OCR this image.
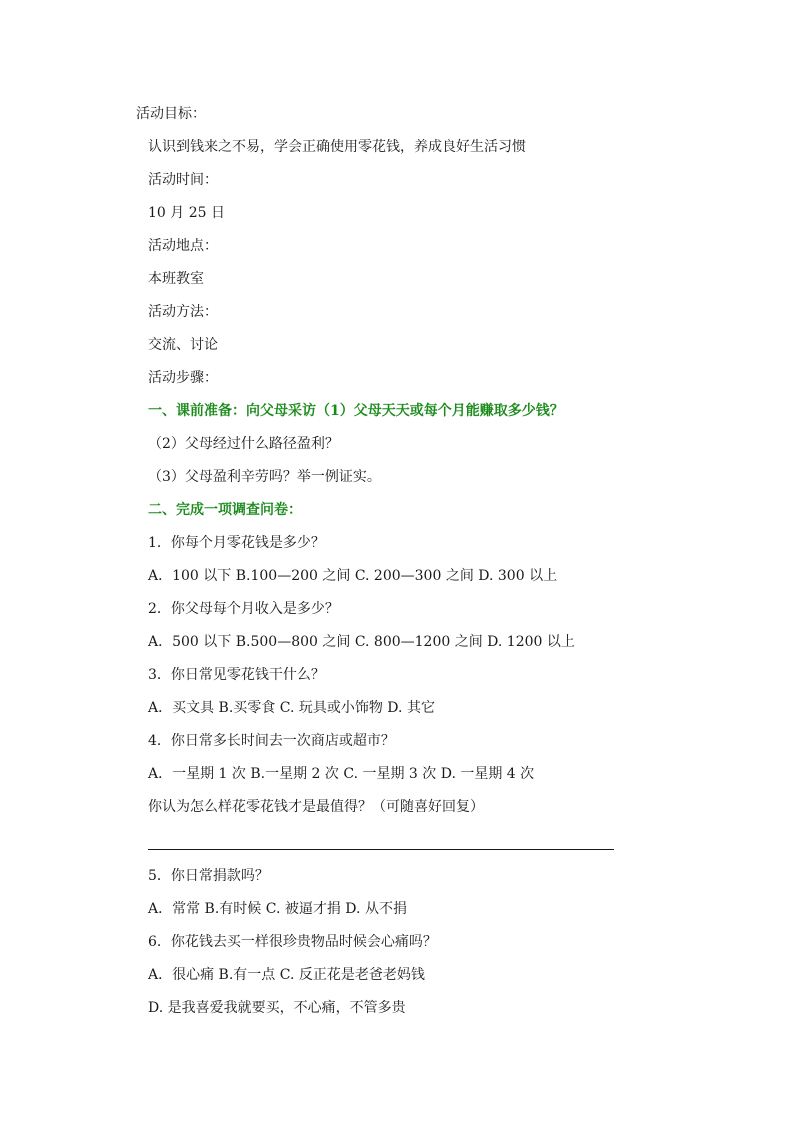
活动目标：
认识到钱来之不易，学会正确使用零花钱，养成良好生活习惯
活动时间：
10 月 25 日
活动地点：
本班教室
活动方法：
交流、讨论
活动步骤：
一、课前准备：向父母采访（1）父母天天或每个月能赚取多少钱？
（2）父母经过什么路径盈利？
（3）父母盈利辛劳吗？举一例证实。
二、完成一项调查问卷：
1．你每个月零花钱是多少？
A．100 以下 B.100—200 之间 C. 200—300 之间 D. 300 以上
2．你父母每个月收入是多少？
A．500 以下 B.500—800 之间 C. 800—1200 之间 D. 1200 以上
3．你日常见零花钱干什么？
A．买文具 B.买零食 C. 玩具或小饰物 D. 其它
4．你日常多长时间去一次商店或超市？
A．一星期 1 次 B.一星期 2 次 C. 一星期 3 次 D. 一星期 4 次
你认为怎么样花零花钱才是最值得？（可随喜好回复）
5．你日常捐款吗？
A．常常 B.有时候 C. 被逼才捐 D. 从不捐
6．你花钱去买一样很珍贵物品时候会心痛吗？
A．很心痛 B.有一点 C. 反正花是老爸老妈钱
D. 是我喜爱我就要买，不心痛，不管多贵
